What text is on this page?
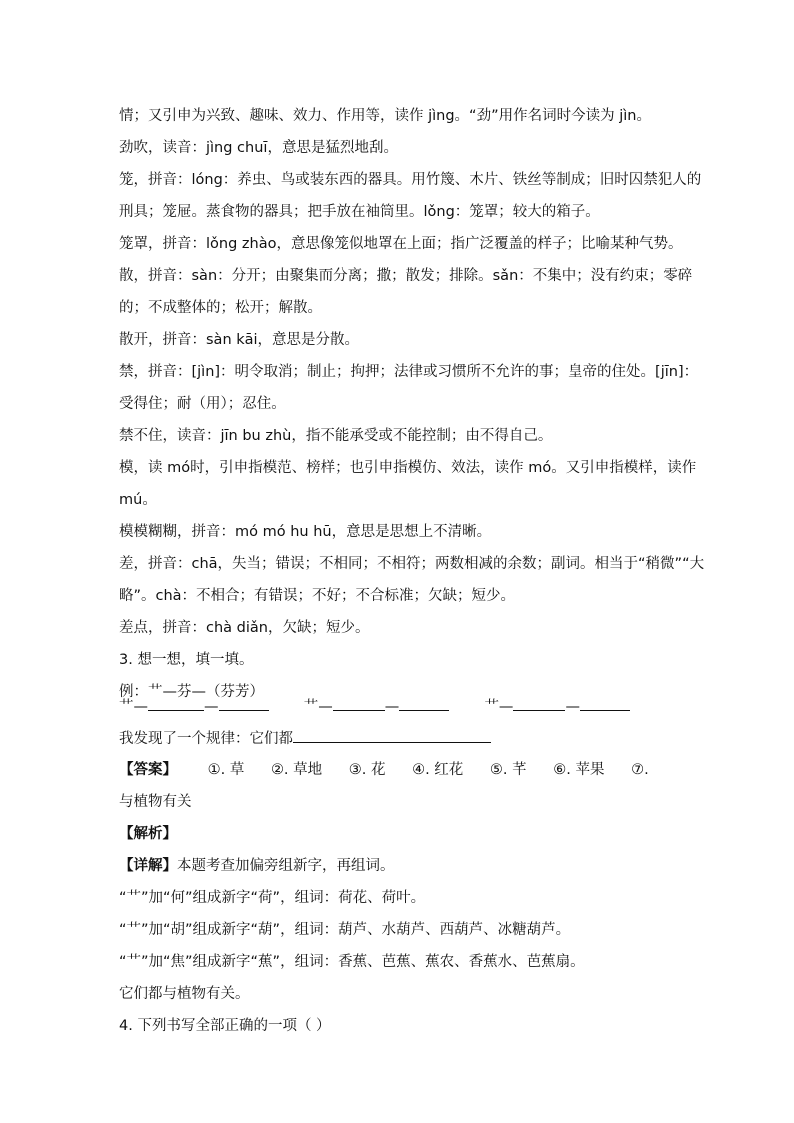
情；又引申为兴致、趣味、效力、作用等，读作 jìng。“劲”用作名词时今读为 jìn。
劲吹，读音：jìng chuī，意思是猛烈地刮。
笼，拼音：lóng：养虫、鸟或装东西的器具。用竹篾、木片、铁丝等制成；旧时囚禁犯人的
刑具；笼屉。蒸食物的器具；把手放在袖筒里。lǒng：笼罩；较大的箱子。
笼罩，拼音：lǒng zhào，意思像笼似地罩在上面；指广泛覆盖的样子；比喻某种气势。
散，拼音：sàn：分开；由聚集而分离；撒；散发；排除。sǎn：不集中；没有约束；零碎
的；不成整体的；松开；解散。
散开，拼音：sàn kāi，意思是分散。
禁，拼音：[jìn]：明令取消；制止；拘押；法律或习惯所不允许的事；皇帝的住处。[jīn]：
受得住；耐（用）；忍住。
禁不住，读音：jīn bu zhù，指不能承受或不能控制；由不得自己。
模，读 mó时，引申指模范、榜样；也引申指模仿、效法，读作 mó。又引申指模样，读作
mú。
模模糊糊，拼音：mó mó hu hū，意思是思想上不清晰。
差，拼音：chā，失当；错误；不相同；不相符；两数相减的余数；副词。相当于“稍微”“大
略”。chà：不相合；有错误；不好；不合标准；欠缺；短少。
差点，拼音：chà diǎn，欠缺；短少。
3. 想一想，填一填。
例：艹—芬—（芬芳）
艹—	—	艹—	—	艹—	—
我发现了一个规律：它们都
【答案】 ①. 草 ②. 草地 ③. 花 ④. 红花 ⑤. 芊 ⑥. 苹果 ⑦.
与植物有关
【解析】
【详解】本题考查加偏旁组新字，再组词。
“艹”加“何”组成新字“荷”，组词：荷花、荷叶。
“艹”加“胡”组成新字“葫”，组词：葫芦、水葫芦、西葫芦、冰糖葫芦。
“艹”加“焦”组成新字“蕉”，组词：香蕉、芭蕉、蕉农、香蕉水、芭蕉扇。
它们都与植物有关。
4. 下列书写全部正确的一项（ ）
